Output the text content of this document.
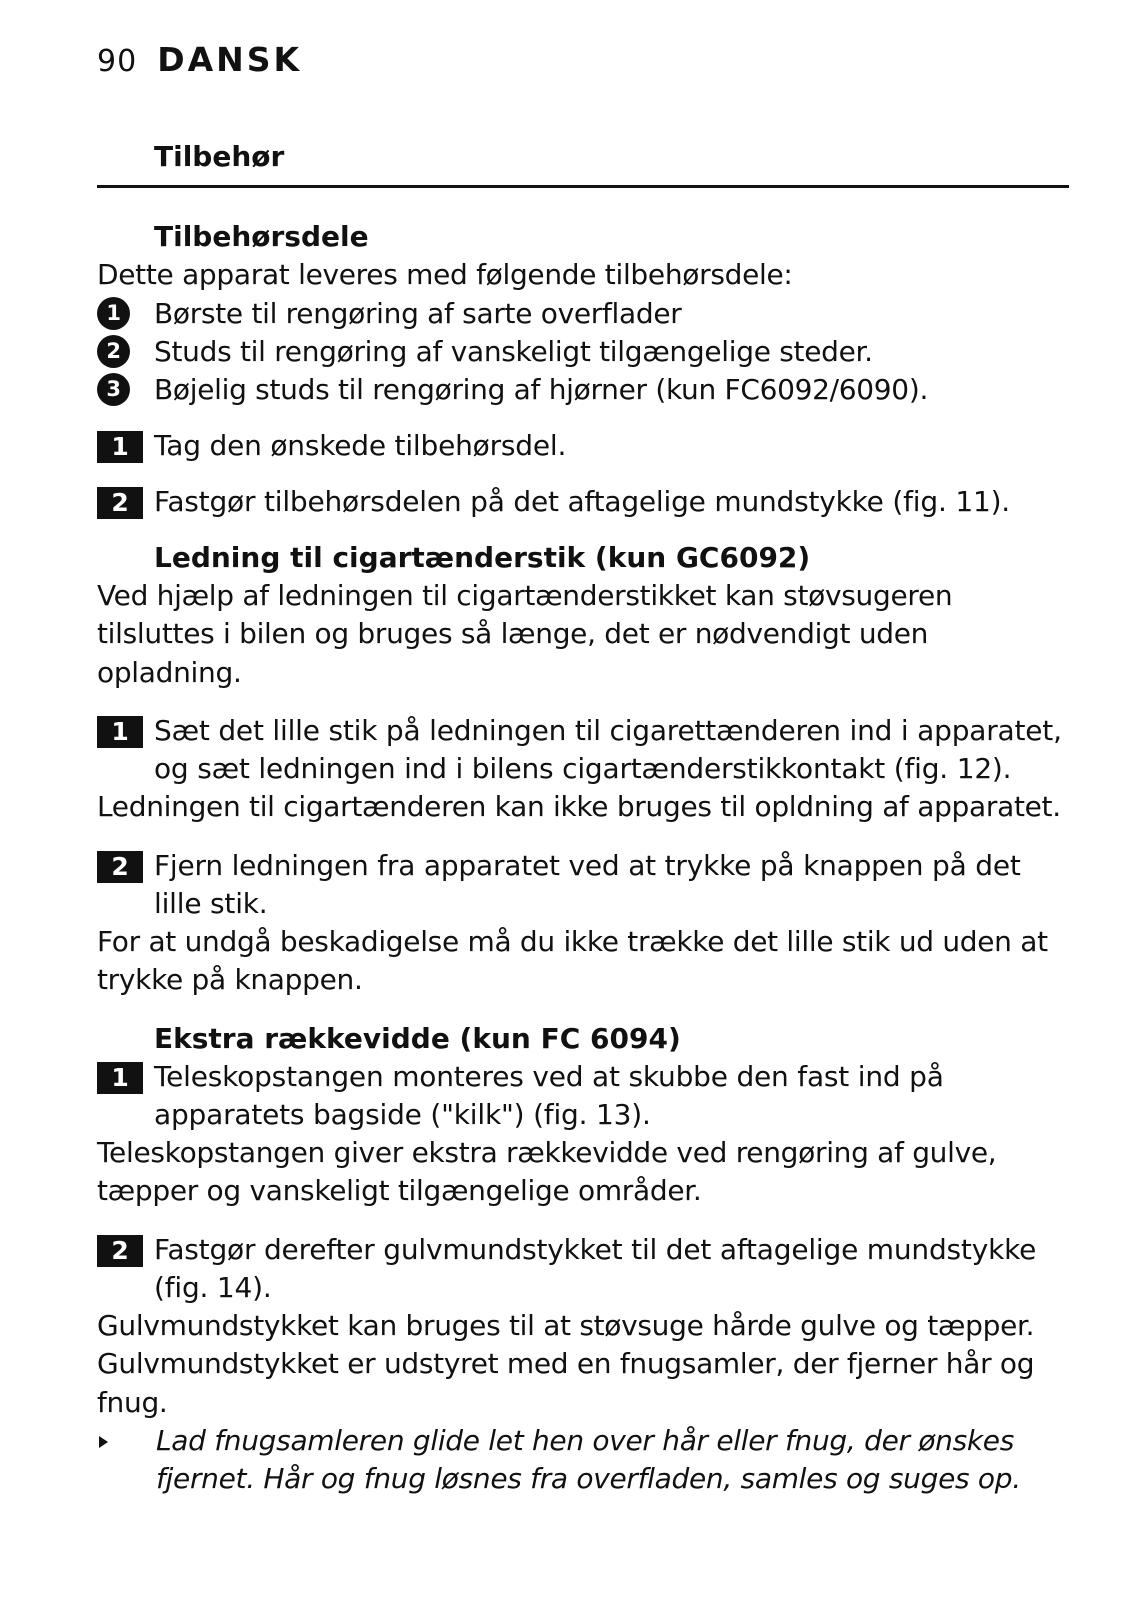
90 DANSK
Tilbehør
Tilbehørsdele
Dette apparat leveres med følgende tilbehørsdele:
1	Børste til rengøring af sarte overflader
2	Studs til rengøring af vanskeligt tilgængelige steder.
3	Bøjelig studs til rengøring af hjørner (kun FC6092/6090).
1 Tag den ønskede tilbehørsdel.
2 Fastgør tilbehørsdelen på det aftagelige mundstykke (fig. 11).
Ledning til cigartænderstik (kun GC6092)
Ved hjælp af ledningen til cigartænderstikket kan støvsugeren tilsluttes i bilen og bruges så længe, det er nødvendigt uden opladning.
1 Sæt det lille stik på ledningen til cigarettænderen ind i apparatet, og sæt ledningen ind i bilens cigartænderstikkontakt (fig. 12).
Ledningen til cigartænderen kan ikke bruges til opldning af apparatet.
2 Fjern ledningen fra apparatet ved at trykke på knappen på det lille stik.
For at undgå beskadigelse må du ikke trække det lille stik ud uden at trykke på knappen.
Ekstra rækkevidde (kun FC 6094)
1 Teleskopstangen monteres ved at skubbe den fast ind på apparatets bagside ("kilk") (fig. 13).
Teleskopstangen giver ekstra rækkevidde ved rengøring af gulve, tæpper og vanskeligt tilgængelige områder.
2 Fastgør derefter gulvmundstykket til det aftagelige mundstykke (fig. 14).
Gulvmundstykket kan bruges til at støvsuge hårde gulve og tæpper. Gulvmundstykket er udstyret med en fnugsamler, der fjerner hår og fnug.
Lad fnugsamleren glide let hen over hår eller fnug, der ønskes fjernet. Hår og fnug løsnes fra overfladen, samles og suges op.
